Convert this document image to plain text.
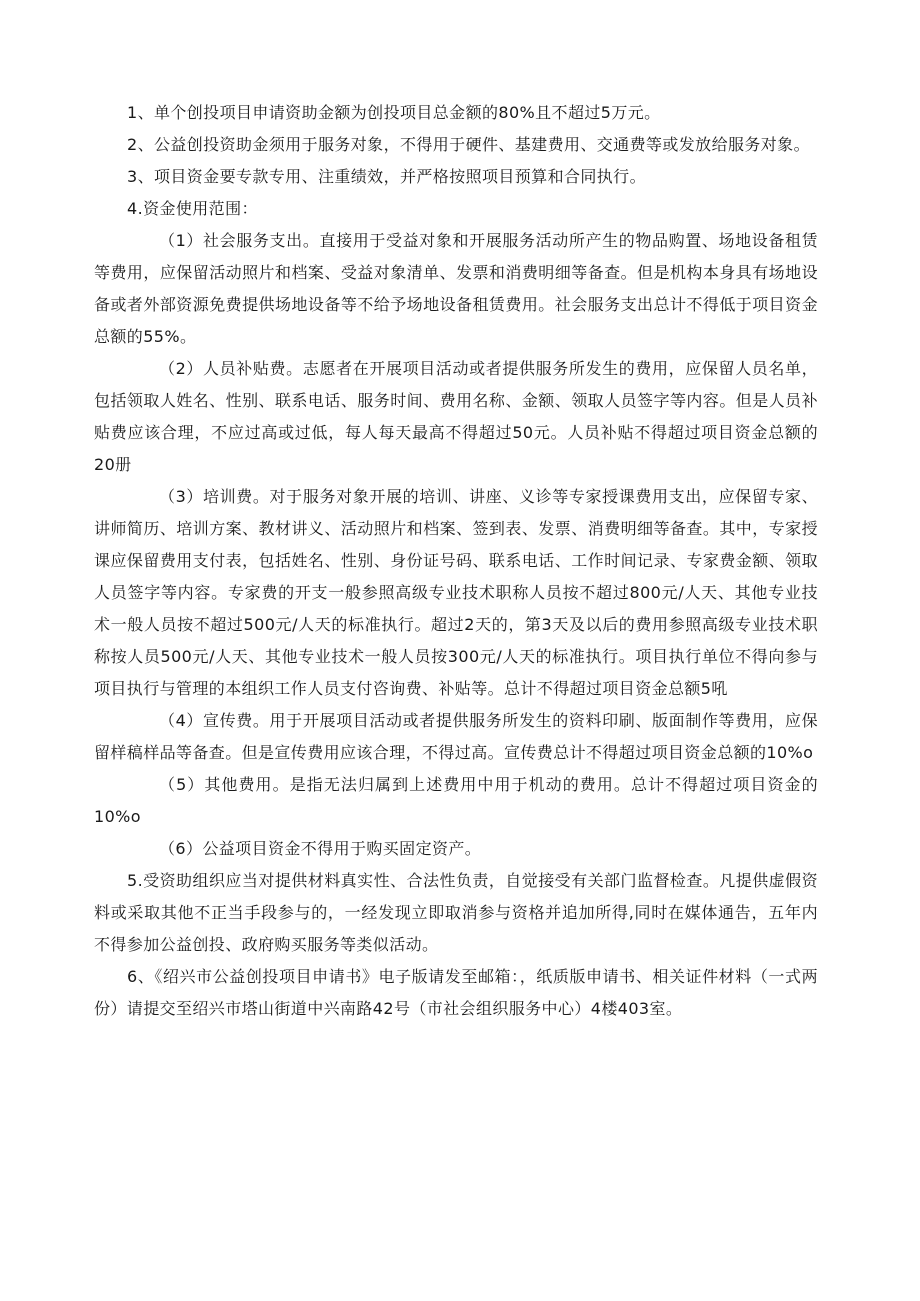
1、单个创投项目申请资助金额为创投项目总金额的80%且不超过5万元。

2、公益创投资助金须用于服务对象，不得用于硬件、基建费用、交通费等或发放给服务对象。

3、项目资金要专款专用、注重绩效，并严格按照项目预算和合同执行。

4.资金使用范围：

（1）社会服务支出。直接用于受益对象和开展服务活动所产生的物品购置、场地设备租赁等费用，应保留活动照片和档案、受益对象清单、发票和消费明细等备查。但是机构本身具有场地设备或者外部资源免费提供场地设备等不给予场地设备租赁费用。社会服务支出总计不得低于项目资金总额的55%。

（2）人员补贴费。志愿者在开展项目活动或者提供服务所发生的费用，应保留人员名单，包括领取人姓名、性别、联系电话、服务时间、费用名称、金额、领取人员签字等内容。但是人员补贴费应该合理，不应过高或过低，每人每天最高不得超过50元。人员补贴不得超过项目资金总额的20册

（3）培训费。对于服务对象开展的培训、讲座、义诊等专家授课费用支出，应保留专家、讲师简历、培训方案、教材讲义、活动照片和档案、签到表、发票、消费明细等备查。其中，专家授课应保留费用支付表，包括姓名、性别、身份证号码、联系电话、工作时间记录、专家费金额、领取人员签字等内容。专家费的开支一般参照高级专业技术职称人员按不超过800元/人天、其他专业技术一般人员按不超过500元/人天的标准执行。超过2天的，第3天及以后的费用参照高级专业技术职称按人员500元/人天、其他专业技术一般人员按300元/人天的标准执行。项目执行单位不得向参与项目执行与管理的本组织工作人员支付咨询费、补贴等。总计不得超过项目资金总额5吼

（4）宣传费。用于开展项目活动或者提供服务所发生的资料印刷、版面制作等费用，应保留样稿样品等备查。但是宣传费用应该合理，不得过高。宣传费总计不得超过项目资金总额的10%o

（5）其他费用。是指无法归属到上述费用中用于机动的费用。总计不得超过项目资金的10%o

（6）公益项目资金不得用于购买固定资产。

5.受资助组织应当对提供材料真实性、合法性负责，自觉接受有关部门监督检查。凡提供虚假资料或采取其他不正当手段参与的，一经发现立即取消参与资格并追加所得,同时在媒体通告，五年内不得参加公益创投、政府购买服务等类似活动。

6、《绍兴市公益创投项目申请书》电子版请发至邮箱：，纸质版申请书、相关证件材料（一式两份）请提交至绍兴市塔山街道中兴南路42号（市社会组织服务中心）4楼403室。
